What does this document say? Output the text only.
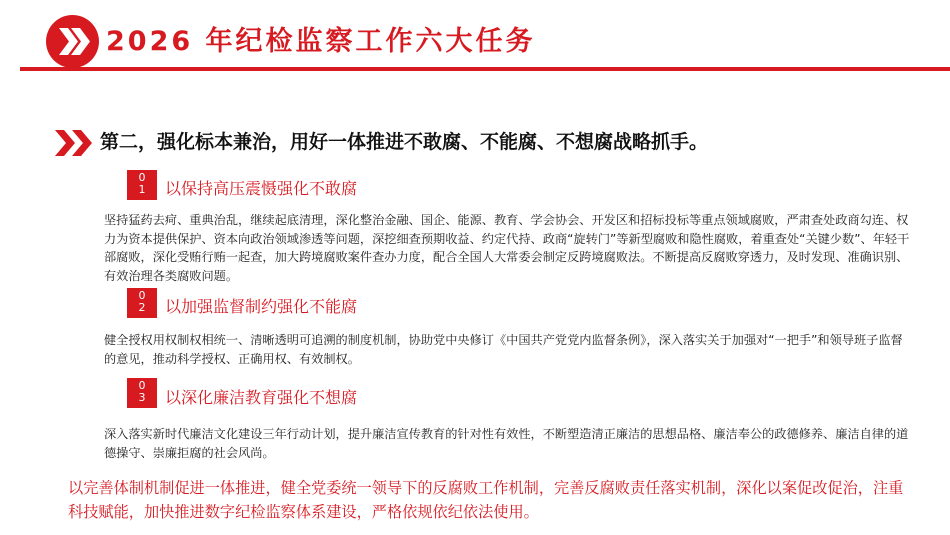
2026 年纪检监察工作六大任务
第二，强化标本兼治，用好一体推进不敢腐、不能腐、不想腐战略抓手。
01 以保持高压震慑强化不敢腐
坚持猛药去疴、重典治乱，继续起底清理，深化整治金融、国企、能源、教育、学会协会、开发区和招标投标等重点领域腐败，严肃查处政商勾连、权力为资本提供保护、资本向政治领域渗透等问题，深挖细查预期收益、约定代持、政商“旋转门”等新型腐败和隐性腐败，着重查处“关键少数”、年轻干部腐败，深化受贿行贿一起查，加大跨境腐败案件查办力度，配合全国人大常委会制定反跨境腐败法。不断提高反腐败穿透力，及时发现、准确识别、有效治理各类腐败问题。
02 以加强监督制约强化不能腐
健全授权用权制权相统一、清晰透明可追溯的制度机制，协助党中央修订《中国共产党党内监督条例》，深入落实关于加强对“一把手”和领导班子监督的意见，推动科学授权、正确用权、有效制权。
03 以深化廉洁教育强化不想腐
深入落实新时代廉洁文化建设三年行动计划，提升廉洁宣传教育的针对性有效性，不断塑造清正廉洁的思想品格、廉洁奉公的政德修养、廉洁自律的道德操守、崇廉拒腐的社会风尚。
以完善体制机制促进一体推进，健全党委统一领导下的反腐败工作机制，完善反腐败责任落实机制，深化以案促改促治，注重科技赋能，加快推进数字纪检监察体系建设，严格依规依纪依法使用。
